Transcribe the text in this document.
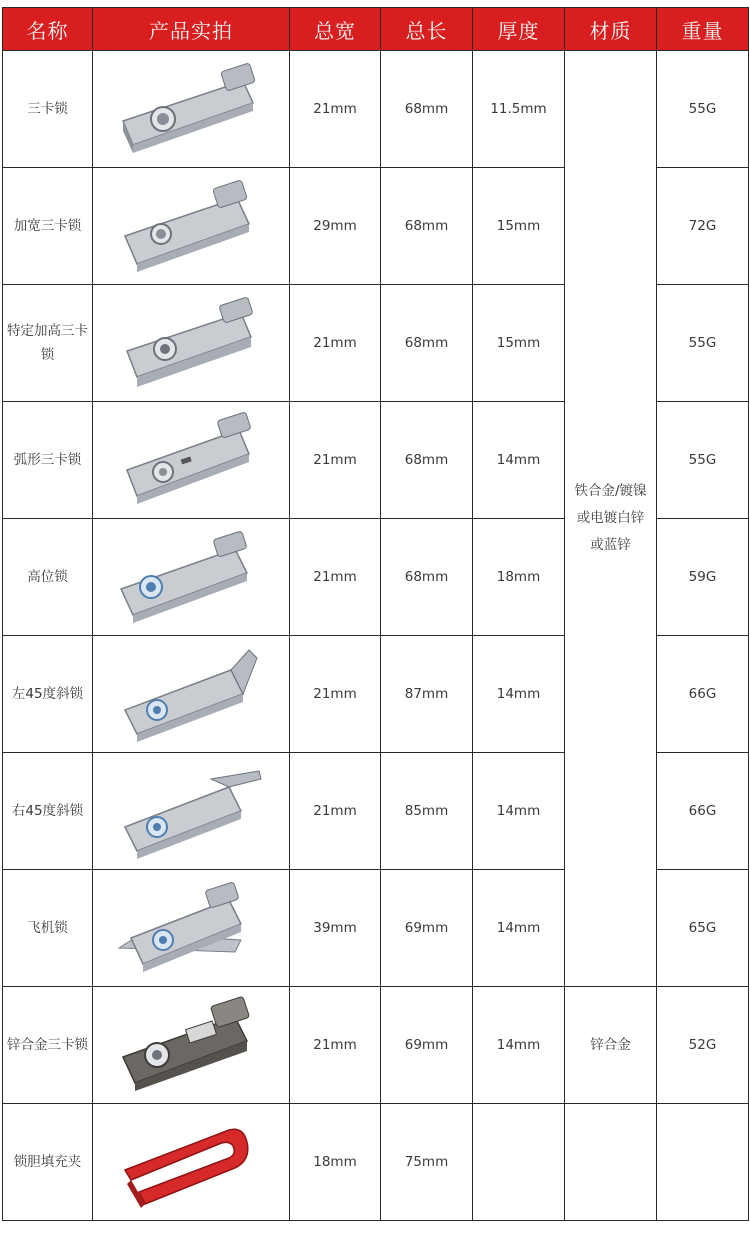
名称	产品实拍	总宽	总长	厚度	材质	重量
三卡锁		21mm	68mm	11.5mm	铁合金/镀镍
或电镀白锌
或蓝锌	55G
加宽三卡锁		29mm	68mm	15mm		72G
特定加高三卡锁		21mm	68mm	15mm		55G
弧形三卡锁		21mm	68mm	14mm		55G
高位锁		21mm	68mm	18mm		59G
左45度斜锁		21mm	87mm	14mm		66G
右45度斜锁		21mm	85mm	14mm		66G
飞机锁		39mm	69mm	14mm		65G
锌合金三卡锁		21mm	69mm	14mm	锌合金	52G
锁胆填充夹		18mm	75mm			
